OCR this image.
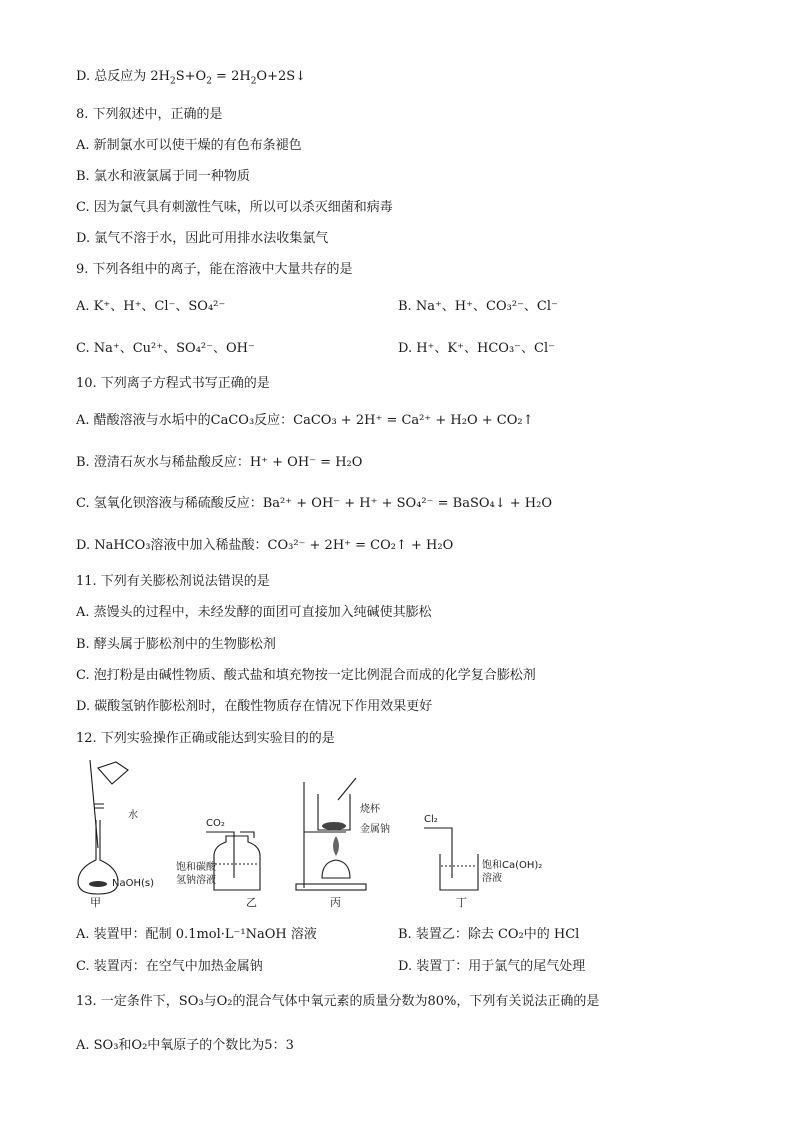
D. 总反应为 $2H_2S+O_2$ = $2H_2O+2S↓$
8. 下列叙述中，正确的是
A. 新制氯水可以使干燥的有色布条褪色
B. 氯水和液氯属于同一种物质
C. 因为氯气具有刺激性气味，所以可以杀灭细菌和病毒
D. 氯气不溶于水，因此可用排水法收集氯气
9. 下列各组中的离子，能在溶液中大量共存的是
A. K⁺、H⁺、Cl⁻、SO₄²⁻	B. Na⁺、H⁺、CO₃²⁻、Cl⁻
C. Na⁺、Cu²⁺、SO₄²⁻、OH⁻	D. H⁺、K⁺、HCO₃⁻、Cl⁻
10. 下列离子方程式书写正确的是
A. 醋酸溶液与水垢中的CaCO₃反应：CaCO₃ + 2H⁺ = Ca²⁺ + H₂O + CO₂↑
B. 澄清石灰水与稀盐酸反应：H⁺ + OH⁻ = H₂O
C. 氢氧化钡溶液与稀硫酸反应：Ba²⁺ + OH⁻ + H⁺ + SO₄²⁻ = BaSO₄↓ + H₂O
D. NaHCO₃溶液中加入稀盐酸：CO₃²⁻ + 2H⁺ = CO₂↑ + H₂O
11. 下列有关膨松剂说法错误的是
A. 蒸馒头的过程中，未经发酵的面团可直接加入纯碱使其膨松
B. 酵头属于膨松剂中的生物膨松剂
C. 泡打粉是由碱性物质、酸式盐和填充物按一定比例混合而成的化学复合膨松剂
D. 碳酸氢钠作膨松剂时，在酸性物质存在情况下作用效果更好
12. 下列实验操作正确或能达到实验目的的是
水
NaOH(s)
甲
CO₂
饱和碳酸
氢钠溶液
乙
烧杯
金属钠
丙
Cl₂
饱和Ca(OH)₂
溶液
丁
A. 装置甲：配制 0.1mol·L⁻¹NaOH 溶液	B. 装置乙：除去 CO₂中的 HCl
C. 装置丙：在空气中加热金属钠	D. 装置丁：用于氯气的尾气处理
13. 一定条件下，SO₃与O₂的混合气体中氧元素的质量分数为80%，下列有关说法正确的是
A. SO₃和O₂中氧原子的个数比为5：3
